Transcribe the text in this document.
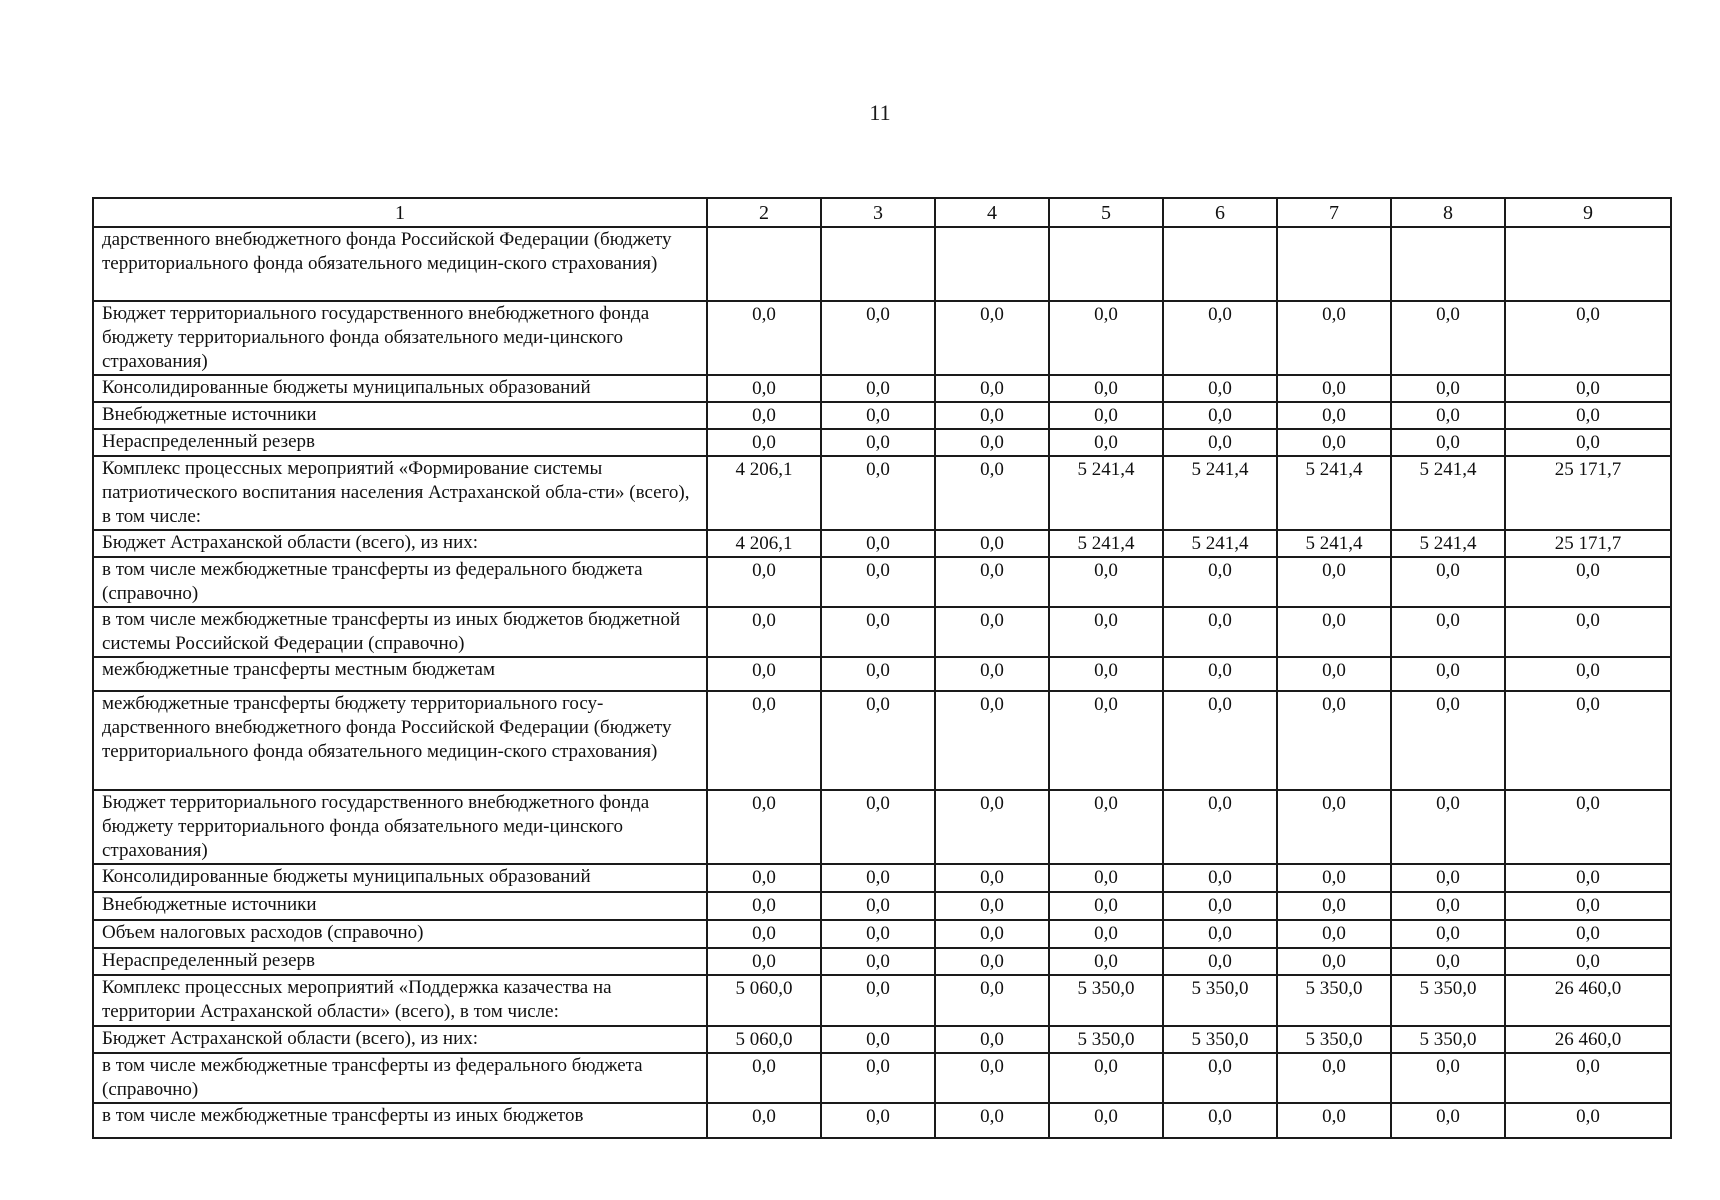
11
1	2	3	4	5	6	7	8	9
дарственного внебюджетного фонда Российской Федерации (бюджету территориального фонда обязательного медицин-ского страхования)								
Бюджет территориального государственного внебюджетного фонда бюджету территориального фонда обязательного меди-цинского страхования)	0,0	0,0	0,0	0,0	0,0	0,0	0,0	0,0
Консолидированные бюджеты муниципальных образований	0,0	0,0	0,0	0,0	0,0	0,0	0,0	0,0
Внебюджетные источники	0,0	0,0	0,0	0,0	0,0	0,0	0,0	0,0
Нераспределенный резерв	0,0	0,0	0,0	0,0	0,0	0,0	0,0	0,0
Комплекс процессных мероприятий «Формирование системы патриотического воспитания населения Астраханской обла-сти» (всего), в том числе:	4 206,1	0,0	0,0	5 241,4	5 241,4	5 241,4	5 241,4	25 171,7
Бюджет Астраханской области (всего), из них:	4 206,1	0,0	0,0	5 241,4	5 241,4	5 241,4	5 241,4	25 171,7
в том числе межбюджетные трансферты из федерального бюджета (справочно)	0,0	0,0	0,0	0,0	0,0	0,0	0,0	0,0
в том числе межбюджетные трансферты из иных бюджетов бюджетной системы Российской Федерации (справочно)	0,0	0,0	0,0	0,0	0,0	0,0	0,0	0,0
межбюджетные трансферты местным бюджетам	0,0	0,0	0,0	0,0	0,0	0,0	0,0	0,0
межбюджетные трансферты бюджету территориального госу-дарственного внебюджетного фонда Российской Федерации (бюджету территориального фонда обязательного медицин-ского страхования)	0,0	0,0	0,0	0,0	0,0	0,0	0,0	0,0
Бюджет территориального государственного внебюджетного фонда бюджету территориального фонда обязательного меди-цинского страхования)	0,0	0,0	0,0	0,0	0,0	0,0	0,0	0,0
Консолидированные бюджеты муниципальных образований	0,0	0,0	0,0	0,0	0,0	0,0	0,0	0,0
Внебюджетные источники	0,0	0,0	0,0	0,0	0,0	0,0	0,0	0,0
Объем налоговых расходов (справочно)	0,0	0,0	0,0	0,0	0,0	0,0	0,0	0,0
Нераспределенный резерв	0,0	0,0	0,0	0,0	0,0	0,0	0,0	0,0
Комплекс процессных мероприятий «Поддержка казачества на территории Астраханской области» (всего), в том числе:	5 060,0	0,0	0,0	5 350,0	5 350,0	5 350,0	5 350,0	26 460,0
Бюджет Астраханской области (всего), из них:	5 060,0	0,0	0,0	5 350,0	5 350,0	5 350,0	5 350,0	26 460,0
в том числе межбюджетные трансферты из федерального бюджета (справочно)	0,0	0,0	0,0	0,0	0,0	0,0	0,0	0,0
в том числе межбюджетные трансферты из иных бюджетов	0,0	0,0	0,0	0,0	0,0	0,0	0,0	0,0
